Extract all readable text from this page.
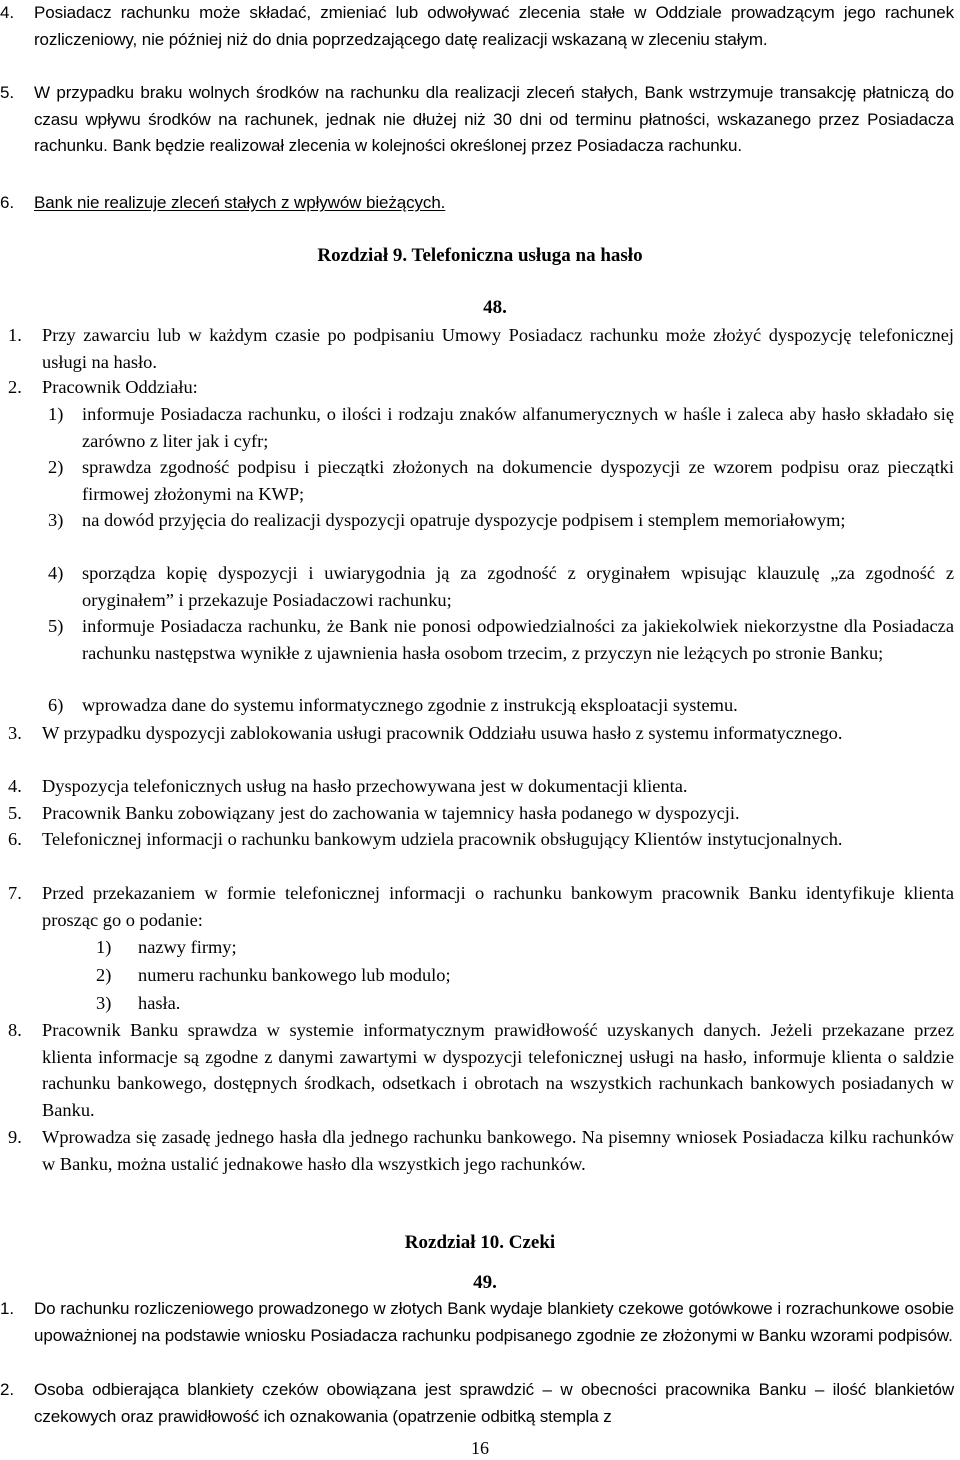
4. Posiadacz rachunku może składać, zmieniać lub odwoływać zlecenia stałe w Oddziale prowadzącym jego rachunek rozliczeniowy, nie później niż do dnia poprzedzającego datę realizacji wskazaną w zleceniu stałym.
5. W przypadku braku wolnych środków na rachunku dla realizacji zleceń stałych, Bank wstrzymuje transakcję płatniczą do czasu wpływu środków na rachunek, jednak nie dłużej niż 30 dni od terminu płatności, wskazanego przez Posiadacza rachunku. Bank będzie realizował zlecenia w kolejności określonej przez Posiadacza rachunku.
6. Bank nie realizuje zleceń stałych z wpływów bieżących.
Rozdział 9. Telefoniczna usługa na hasło
48.
1. Przy zawarciu lub w każdym czasie po podpisaniu Umowy Posiadacz rachunku może złożyć dyspozycję telefonicznej usługi na hasło.
2. Pracownik Oddziału:
1) informuje Posiadacza rachunku, o ilości i rodzaju znaków alfanumerycznych w haśle i zaleca aby hasło składało się zarówno z liter jak i cyfr;
2) sprawdza zgodność podpisu i pieczątki złożonych na dokumencie dyspozycji ze wzorem podpisu oraz pieczątki firmowej złożonymi na KWP;
3) na dowód przyjęcia do realizacji dyspozycji opatruje dyspozycje podpisem i stemplem memoriałowym;
4) sporządza kopię dyspozycji i uwiarygodnia ją za zgodność z oryginałem wpisując klauzulę „za zgodność z oryginałem” i przekazuje Posiadaczowi rachunku;
5) informuje Posiadacza rachunku, że Bank nie ponosi odpowiedzialności za jakiekolwiek niekorzystne dla Posiadacza rachunku następstwa wynikłe z ujawnienia hasła osobom trzecim, z przyczyn nie leżących po stronie Banku;
6) wprowadza dane do systemu informatycznego zgodnie z instrukcją eksploatacji systemu.
3. W przypadku dyspozycji zablokowania usługi pracownik Oddziału usuwa hasło z systemu informatycznego.
4. Dyspozycja telefonicznych usług na hasło przechowywana jest w dokumentacji klienta.
5. Pracownik Banku zobowiązany jest do zachowania w tajemnicy hasła podanego w dyspozycji.
6. Telefonicznej informacji o rachunku bankowym udziela pracownik obsługujący Klientów instytucjonalnych.
7. Przed przekazaniem w formie telefonicznej informacji o rachunku bankowym pracownik Banku identyfikuje klienta prosząc go o podanie:
1) nazwy firmy;
2) numeru rachunku bankowego lub modulo;
3) hasła.
8. Pracownik Banku sprawdza w systemie informatycznym prawidłowość uzyskanych danych. Jeżeli przekazane przez klienta informacje są zgodne z danymi zawartymi w dyspozycji telefonicznej usługi na hasło, informuje klienta o saldzie rachunku bankowego, dostępnych środkach, odsetkach i obrotach na wszystkich rachunkach bankowych posiadanych w Banku.
9. Wprowadza się zasadę jednego hasła dla jednego rachunku bankowego. Na pisemny wniosek Posiadacza kilku rachunków w Banku, można ustalić jednakowe hasło dla wszystkich jego rachunków.
Rozdział 10. Czeki
49.
1. Do rachunku rozliczeniowego prowadzonego w złotych Bank wydaje blankiety czekowe gotówkowe i rozrachunkowe osobie upoważnionej na podstawie wniosku Posiadacza rachunku podpisanego zgodnie ze złożonymi w Banku wzorami podpisów.
2. Osoba odbierająca blankiety czeków obowiązana jest sprawdzić – w obecności pracownika Banku – ilość blankietów czekowych oraz prawidłowość ich oznakowania (opatrzenie odbitką stempla z
16
